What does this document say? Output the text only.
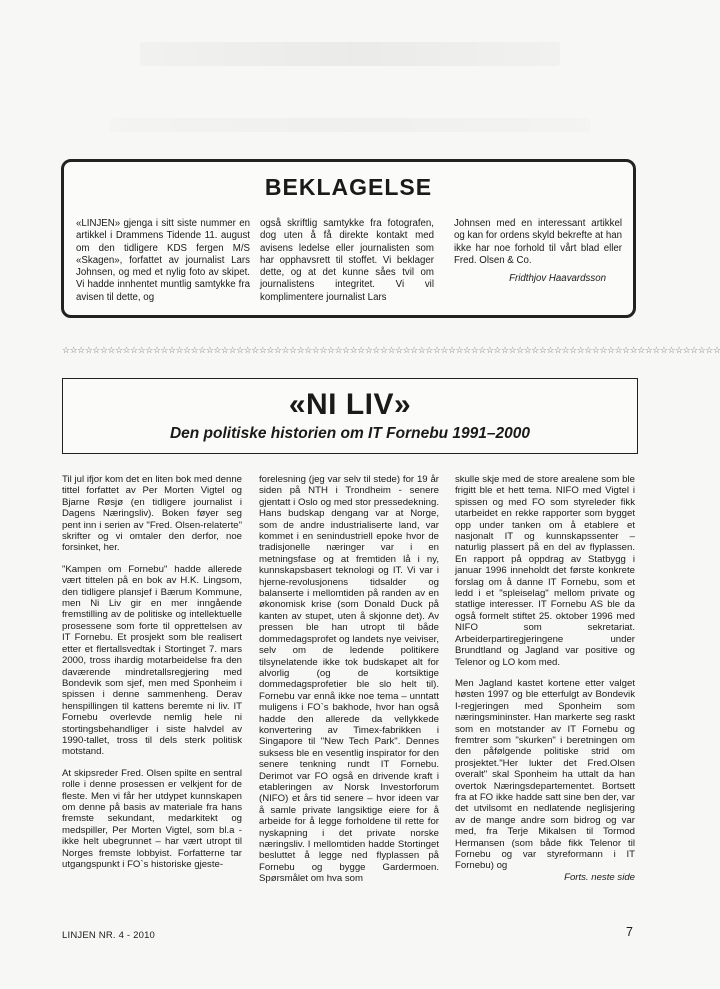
BEKLAGELSE
«LINJEN» gjenga i sitt siste nummer en artikkel i Drammens Tidende 11. august om den tidligere KDS fergen M/S «Skagen», forfattet av journalist Lars Johnsen, og med et nylig foto av skipet. Vi hadde innhentet muntlig samtykke fra avisen til dette, og
også skriftlig samtykke fra fotografen, dog uten å få direkte kontakt med avisens ledelse eller journalisten som har opphavsrett til stoffet. Vi beklager dette, og at det kunne såes tvil om journalistens integritet. Vi vil komplimentere journalist Lars
Johnsen med en interessant artikkel og kan for ordens skyld bekrefte at han ikke har noe forhold til vårt blad eller Fred. Olsen & Co.
Fridthjov Haavardsson
☆☆☆☆☆☆☆☆☆☆☆☆☆☆☆☆☆☆☆☆☆☆☆☆☆☆☆☆☆☆☆☆☆☆☆☆☆☆☆☆☆☆☆☆☆☆☆☆☆☆☆☆☆☆☆☆☆☆☆☆☆☆☆☆☆☆☆☆☆☆☆☆☆☆☆☆☆☆☆☆☆☆☆☆☆☆☆
«NI LIV»
Den politiske historien om IT Fornebu 1991–2000

Til jul ifjor kom det en liten bok med denne tittel forfattet av Per Morten Vigtel og Bjarne Røsjø (en tidligere journalist i Dagens Næringsliv). Boken føyer seg pent inn i serien av "Fred. Olsen-relaterte" skrifter og vi omtaler den derfor, noe forsinket, her.

"Kampen om Fornebu" hadde allerede vært tittelen på en bok av H.K. Lingsom, den tidligere plansjef i Bærum Kommune, men Ni Liv gir en mer inngående fremstilling av de politiske og intellektuelle prosessene som forte til opprettelsen av IT Fornebu. Et prosjekt som ble realisert etter et flertallsvedtak i Stortinget 7. mars 2000, tross ihardig motarbeidelse fra den daværende mindretallsregjering med Bondevik som sjef, men med Sponheim i spissen i denne sammenheng. Derav henspillingen til kattens beremte ni liv. IT Fornebu overlevde nemlig hele ni stortingsbehandliger i siste halvdel av 1990-tallet, tross til dels sterk politisk motstand.

At skipsreder Fred. Olsen spilte en sentral rolle i denne prosessen er velkjent for de fleste. Men vi får her utdypet kunnskapen om denne på basis av materiale fra hans fremste sekundant, medarkitekt og medspiller, Per Morten Vigtel, som bl.a - ikke helt ubegrunnet – har vært utropt til Norges fremste lobbyist. Forfatterne tar utgangspunkt i FO`s historiske gjeste-

forelesning (jeg var selv til stede) for 19 år siden på NTH i Trondheim - senere gjentatt i Oslo og med stor pressedekning. Hans budskap dengang var at Norge, som de andre industrialiserte land, var kommet i en senindustriell epoke hvor de tradisjonelle næringer var i en metningsfase og at fremtiden lå i ny, kunnskapsbasert teknologi og IT. Vi var i hjerne-revolusjonens tidsalder og balanserte i mellomtiden på randen av en økonomisk krise (som Donald Duck på kanten av stupet, uten å skjonne det). Av pressen ble han utropt til både dommedagsprofet og landets nye veiviser, selv om de ledende politikere tilsynelatende ikke tok budskapet alt for alvorlig (og de kortsiktige dommedagsprofetier ble slo helt til). Fornebu var ennå ikke noe tema – unntatt muligens i FO`s bakhode, hvor han også hadde den allerede da vellykkede konvertering av Timex-fabrikken i Singapore til "New Tech Park". Dennes suksess ble en vesentlig inspirator for den senere tenkning rundt IT Fornebu. Derimot var FO også en drivende kraft i etableringen av Norsk Investorforum (NIFO) et års tid senere – hvor ideen var å samle private langsiktige eiere for å arbeide for å legge forholdene til rette for nyskapning i det private norske næringsliv. I mellomtiden hadde Stortinget besluttet å legge ned flyplassen på Fornebu og bygge Gardermoen. Spørsmålet om hva som

skulle skje med de store arealene som ble frigitt ble et hett tema. NIFO med Vigtel i spissen og med FO som styreleder fikk utarbeidet en rekke rapporter som bygget opp under tanken om å etablere et nasjonalt IT og kunnskapssenter – naturlig plassert på en del av flyplassen. En rapport på oppdrag av Statbygg i januar 1996 inneholdt det første konkrete forslag om å danne IT Fornebu, som et ledd i et "spleiselag" mellom private og statlige interesser. IT Fornebu AS ble da også formelt stiftet 25. oktober 1996 med NIFO som sekretariat. Arbeiderpartiregjeringene under Brundtland og Jagland var positive og Telenor og LO kom med.

Men Jagland kastet kortene etter valget høsten 1997 og ble etterfulgt av Bondevik I-regjeringen med Sponheim som næringsmininster. Han markerte seg raskt som en motstander av IT Fornebu og fremtrer som "skurken" i beretningen om den påfølgende politiske strid om prosjektet."Her lukter det Fred.Olsen overalt" skal Sponheim ha uttalt da han overtok Næringsdepartementet. Bortsett fra at FO ikke hadde satt sine ben der, var det utvilsomt en nedlatende neglisjering av de mange andre som bidrog og var med, fra Terje Mikalsen til Tormod Hermansen (som både fikk Telenor til Fornebu og var styreformann i IT Fornebu) og

Forts. neste side
LINJEN NR. 4 - 2010	7
